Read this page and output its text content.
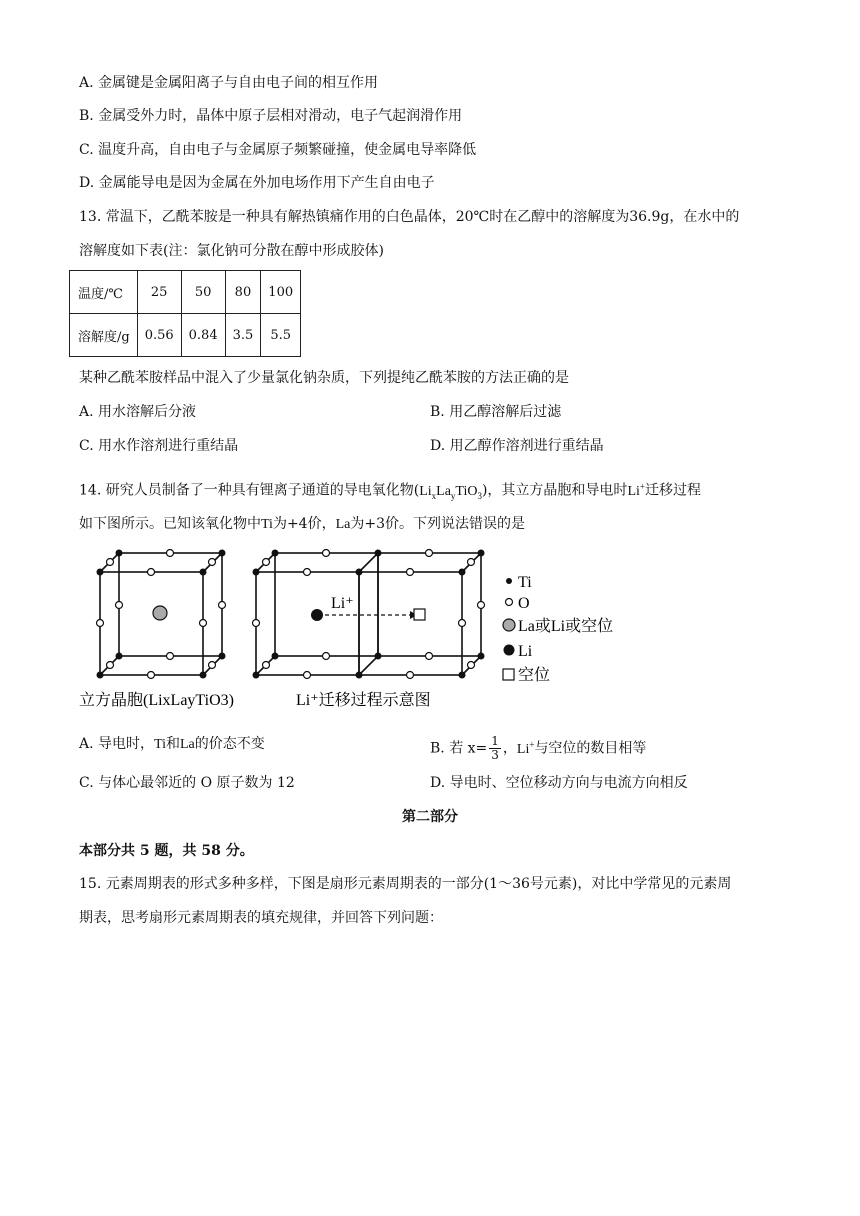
A. 金属键是金属阳离子与自由电子间的相互作用
B. 金属受外力时，晶体中原子层相对滑动，电子气起润滑作用
C. 温度升高，自由电子与金属原子频繁碰撞，使金属电导率降低
D. 金属能导电是因为金属在外加电场作用下产生自由电子
13. 常温下，乙酰苯胺是一种具有解热镇痛作用的白色晶体，20℃时在乙醇中的溶解度为36.9g，在水中的
溶解度如下表(注：氯化钠可分散在醇中形成胶体)
温度/℃	25	50	80	100
溶解度/g	0.56	0.84	3.5	5.5
某种乙酰苯胺样品中混入了少量氯化钠杂质，下列提纯乙酰苯胺的方法正确的是
A. 用水溶解后分液	B. 用乙醇溶解后过滤
C. 用水作溶剂进行重结晶	D. 用乙醇作溶剂进行重结晶
14. 研究人员制备了一种具有锂离子通道的导电氧化物$(Li_xLa_yTiO_3)$，其立方晶胞和导电时Li+迁移过程
如下图所示。已知该氧化物中Ti为+4价，La为+3价。下列说法错误的是
Li⁺
Ti
O
La或Li或空位
Li
空位
立方晶胞(LixLayTiO3)	Li⁺迁移过程示意图
A. 导电时，Ti和La的价态不变	B. 若 $x= \frac{1}{3}$ ，Li+与空位的数目相等
C. 与体心最邻近的 O 原子数为 12	D. 导电时、空位移动方向与电流方向相反
第二部分
本部分共 5 题，共 58 分。
15. 元素周期表的形式多种多样，下图是扇形元素周期表的一部分(1～36号元素)，对比中学常见的元素周
期表，思考扇形元素周期表的填充规律，并回答下列问题：
